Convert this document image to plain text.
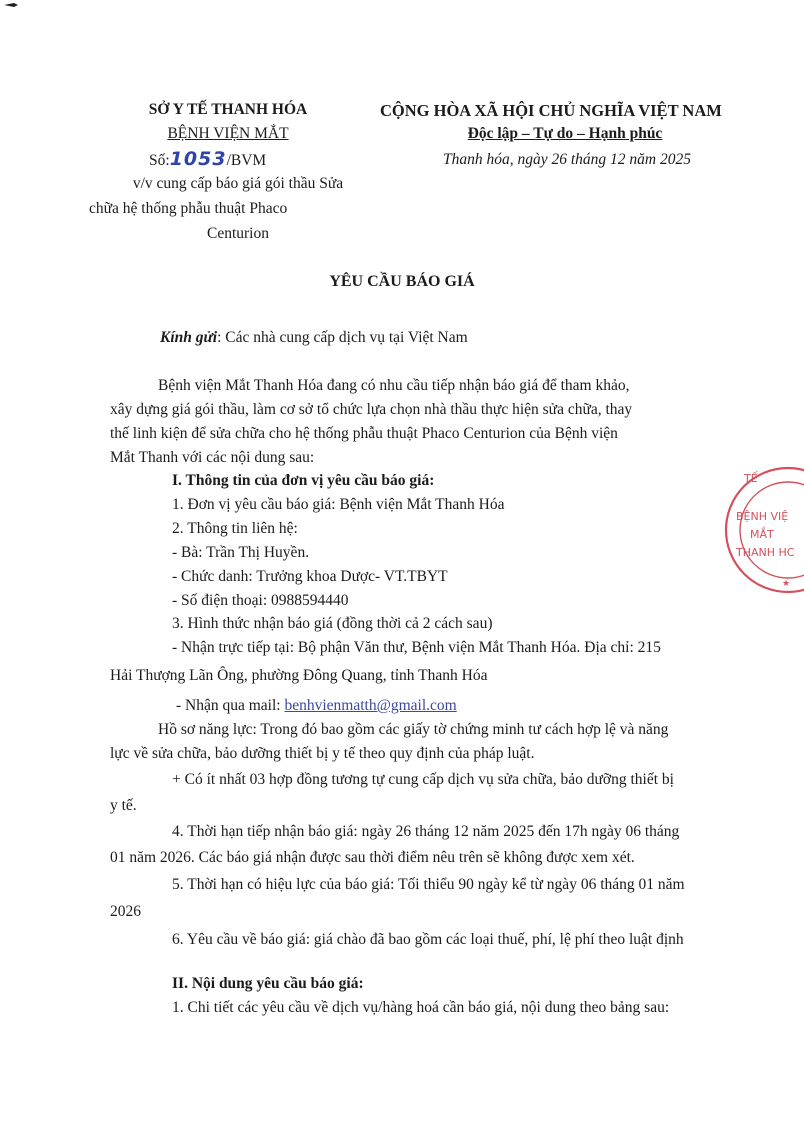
SỞ Y TẾ THANH HÓA
BỆNH VIỆN MẮT
Số:1053/BVM
v/v cung cấp báo giá gói thầu Sửa
chữa hệ thống phẫu thuật Phaco
Centurion
CỘNG HÒA XÃ HỘI CHỦ NGHĨA VIỆT NAM
Độc lập – Tự do – Hạnh phúc
Thanh hóa, ngày 26 tháng 12 năm 2025
YÊU CẦU BÁO GIÁ
Kính gửi: Các nhà cung cấp dịch vụ tại Việt Nam
Bệnh viện Mắt Thanh Hóa đang có nhu cầu tiếp nhận báo giá để tham khảo,
xây dựng giá gói thầu, làm cơ sở tổ chức lựa chọn nhà thầu thực hiện sửa chữa, thay
thế linh kiện để sửa chữa cho hệ thống phẫu thuật Phaco Centurion của Bệnh viện
Mắt Thanh với các nội dung sau:
I. Thông tin của đơn vị yêu cầu báo giá:
1. Đơn vị yêu cầu báo giá: Bệnh viện Mắt Thanh Hóa
2. Thông tin liên hệ:
- Bà: Trần Thị Huyền.
- Chức danh: Trưởng khoa Dược- VT.TBYT
- Số điện thoại: 0988594440
3. Hình thức nhận báo giá (đồng thời cả 2 cách sau)
- Nhận trực tiếp tại: Bộ phận Văn thư, Bệnh viện Mắt Thanh Hóa. Địa chỉ: 215
Hải Thượng Lãn Ông, phường Đông Quang, tỉnh Thanh Hóa
- Nhận qua mail: benhvienmatth@gmail.com
Hồ sơ năng lực: Trong đó bao gồm các giấy tờ chứng minh tư cách hợp lệ và năng
lực về sửa chữa, bảo dưỡng thiết bị y tế theo quy định của pháp luật.
+ Có ít nhất 03 hợp đồng tương tự cung cấp dịch vụ sửa chữa, bảo dưỡng thiết bị
y tế.
4. Thời hạn tiếp nhận báo giá: ngày 26 tháng 12 năm 2025 đến 17h ngày 06 tháng
01 năm 2026. Các báo giá nhận được sau thời điểm nêu trên sẽ không được xem xét.
5. Thời hạn có hiệu lực của báo giá: Tối thiểu 90 ngày kể từ ngày 06 tháng 01 năm
2026
6. Yêu cầu về báo giá: giá chào đã bao gồm các loại thuế, phí, lệ phí theo luật định
II. Nội dung yêu cầu báo giá:
1. Chi tiết các yêu cầu về dịch vụ/hàng hoá cần báo giá, nội dung theo bảng sau:
TẾ
BỆNH VIỆ
MẮT
THANH HC
★
